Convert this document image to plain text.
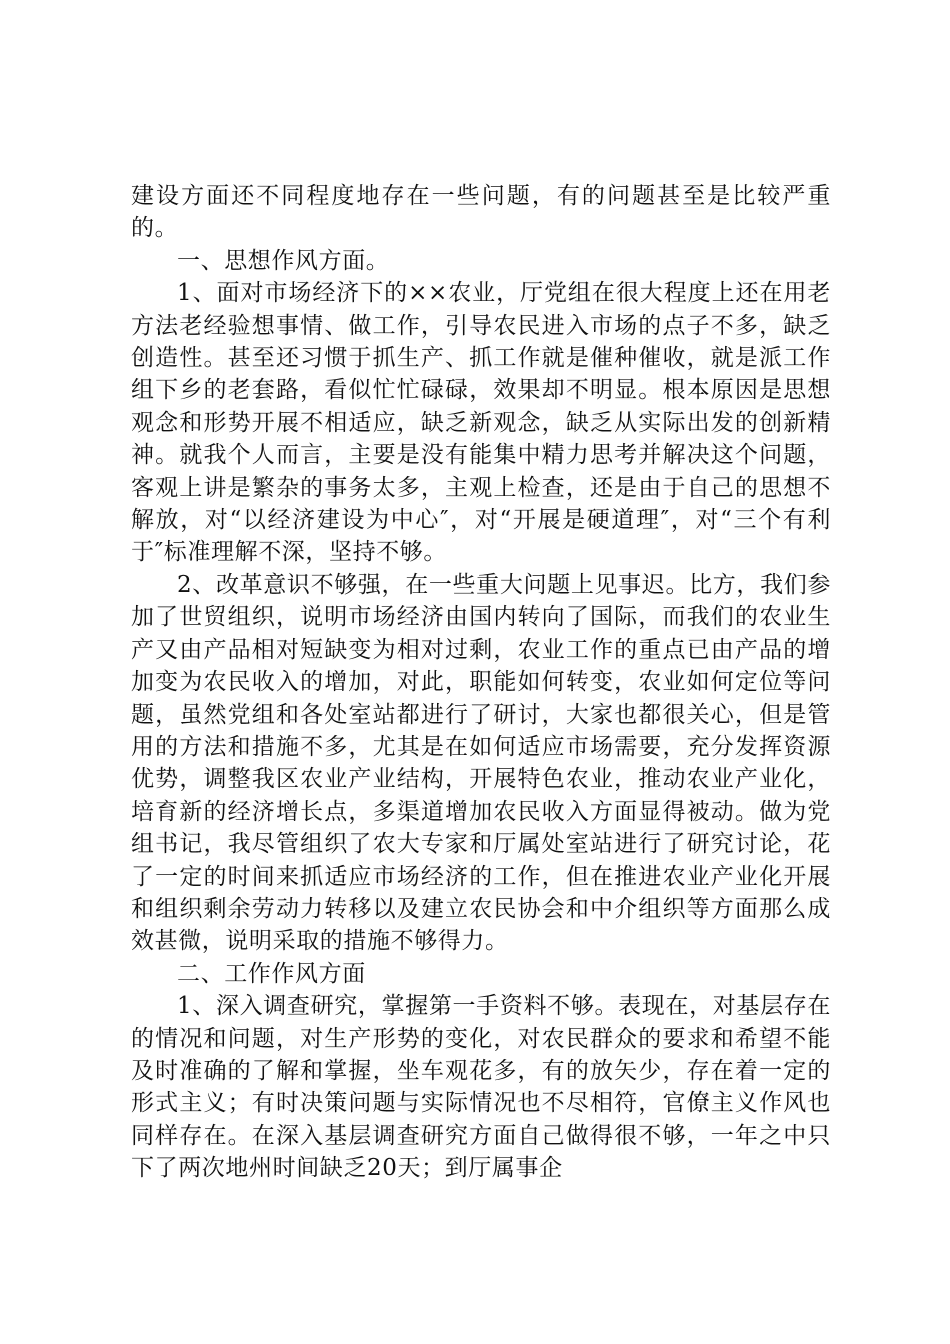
建设方面还不同程度地存在一些问题，有的问题甚至是比较严重的。

一、思想作风方面。

1、面对市场经济下的××农业，厅党组在很大程度上还在用老方法老经验想事情、做工作，引导农民进入市场的点子不多，缺乏创造性。甚至还习惯于抓生产、抓工作就是催种催收，就是派工作组下乡的老套路，看似忙忙碌碌，效果却不明显。根本原因是思想观念和形势开展不相适应，缺乏新观念，缺乏从实际出发的创新精神。就我个人而言，主要是没有能集中精力思考并解决这个问题，客观上讲是繁杂的事务太多，主观上检查，还是由于自己的思想不解放，对“以经济建设为中心″，对“开展是硬道理″，对“三个有利于″标准理解不深，坚持不够。

2、改革意识不够强，在一些重大问题上见事迟。比方，我们参加了世贸组织，说明市场经济由国内转向了国际，而我们的农业生产又由产品相对短缺变为相对过剩，农业工作的重点已由产品的增加变为农民收入的增加，对此，职能如何转变，农业如何定位等问题，虽然党组和各处室站都进行了研讨，大家也都很关心，但是管用的方法和措施不多，尤其是在如何适应市场需要，充分发挥资源优势，调整我区农业产业结构，开展特色农业，推动农业产业化，培育新的经济增长点，多渠道增加农民收入方面显得被动。做为党组书记，我尽管组织了农大专家和厅属处室站进行了研究讨论，花了一定的时间来抓适应市场经济的工作，但在推进农业产业化开展和组织剩余劳动力转移以及建立农民协会和中介组织等方面那么成效甚微，说明采取的措施不够得力。

二、工作作风方面

1、深入调查研究，掌握第一手资料不够。表现在，对基层存在的情况和问题，对生产形势的变化，对农民群众的要求和希望不能及时准确的了解和掌握，坐车观花多，有的放矢少，存在着一定的形式主义；有时决策问题与实际情况也不尽相符，官僚主义作风也同样存在。在深入基层调查研究方面自己做得很不够，一年之中只下了两次地州时间缺乏20天；到厅属事企
